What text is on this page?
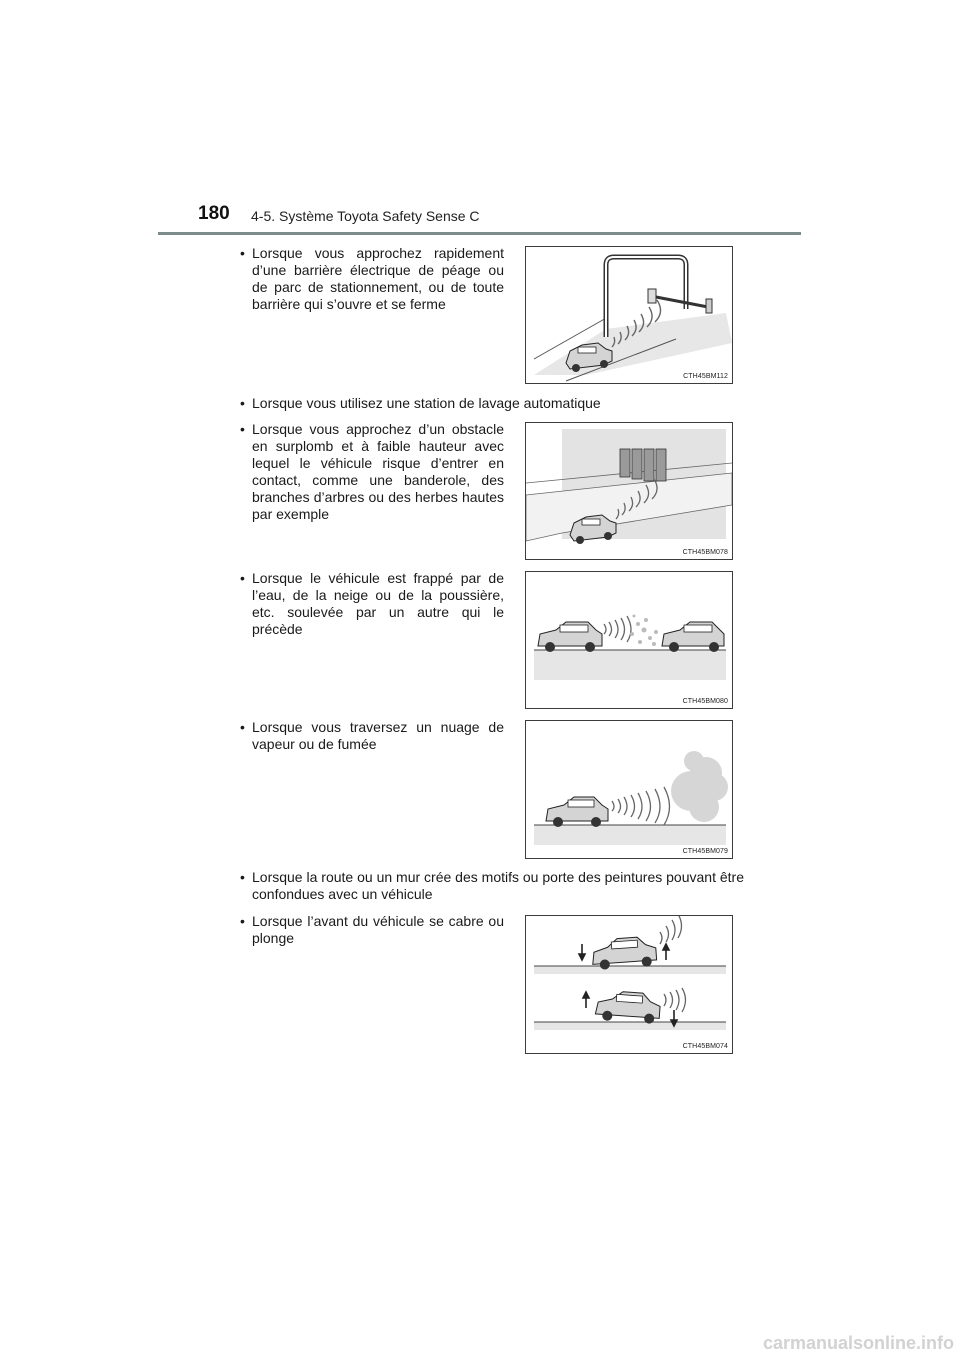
180 4-5. Système Toyota Safety Sense C
• Lorsque vous approchez rapidement d’une barrière électrique de péage ou de parc de stationnement, ou de toute barrière qui s’ouvre et se ferme
CTH45BM112
• Lorsque vous utilisez une station de lavage automatique
• Lorsque vous approchez d’un obstacle en surplomb et à faible hauteur avec lequel le véhicule risque d’entrer en contact, comme une banderole, des branches d’arbres ou des herbes hautes par exemple
CTH45BM078
• Lorsque le véhicule est frappé par de l’eau, de la neige ou de la poussière, etc. soulevée par un autre qui le précède
CTH45BM080
• Lorsque vous traversez un nuage de vapeur ou de fumée
CTH45BM079
• Lorsque la route ou un mur crée des motifs ou porte des peintures pouvant être confondues avec un véhicule
• Lorsque l’avant du véhicule se cabre ou plonge
CTH45BM074
carmanualsonline.info
